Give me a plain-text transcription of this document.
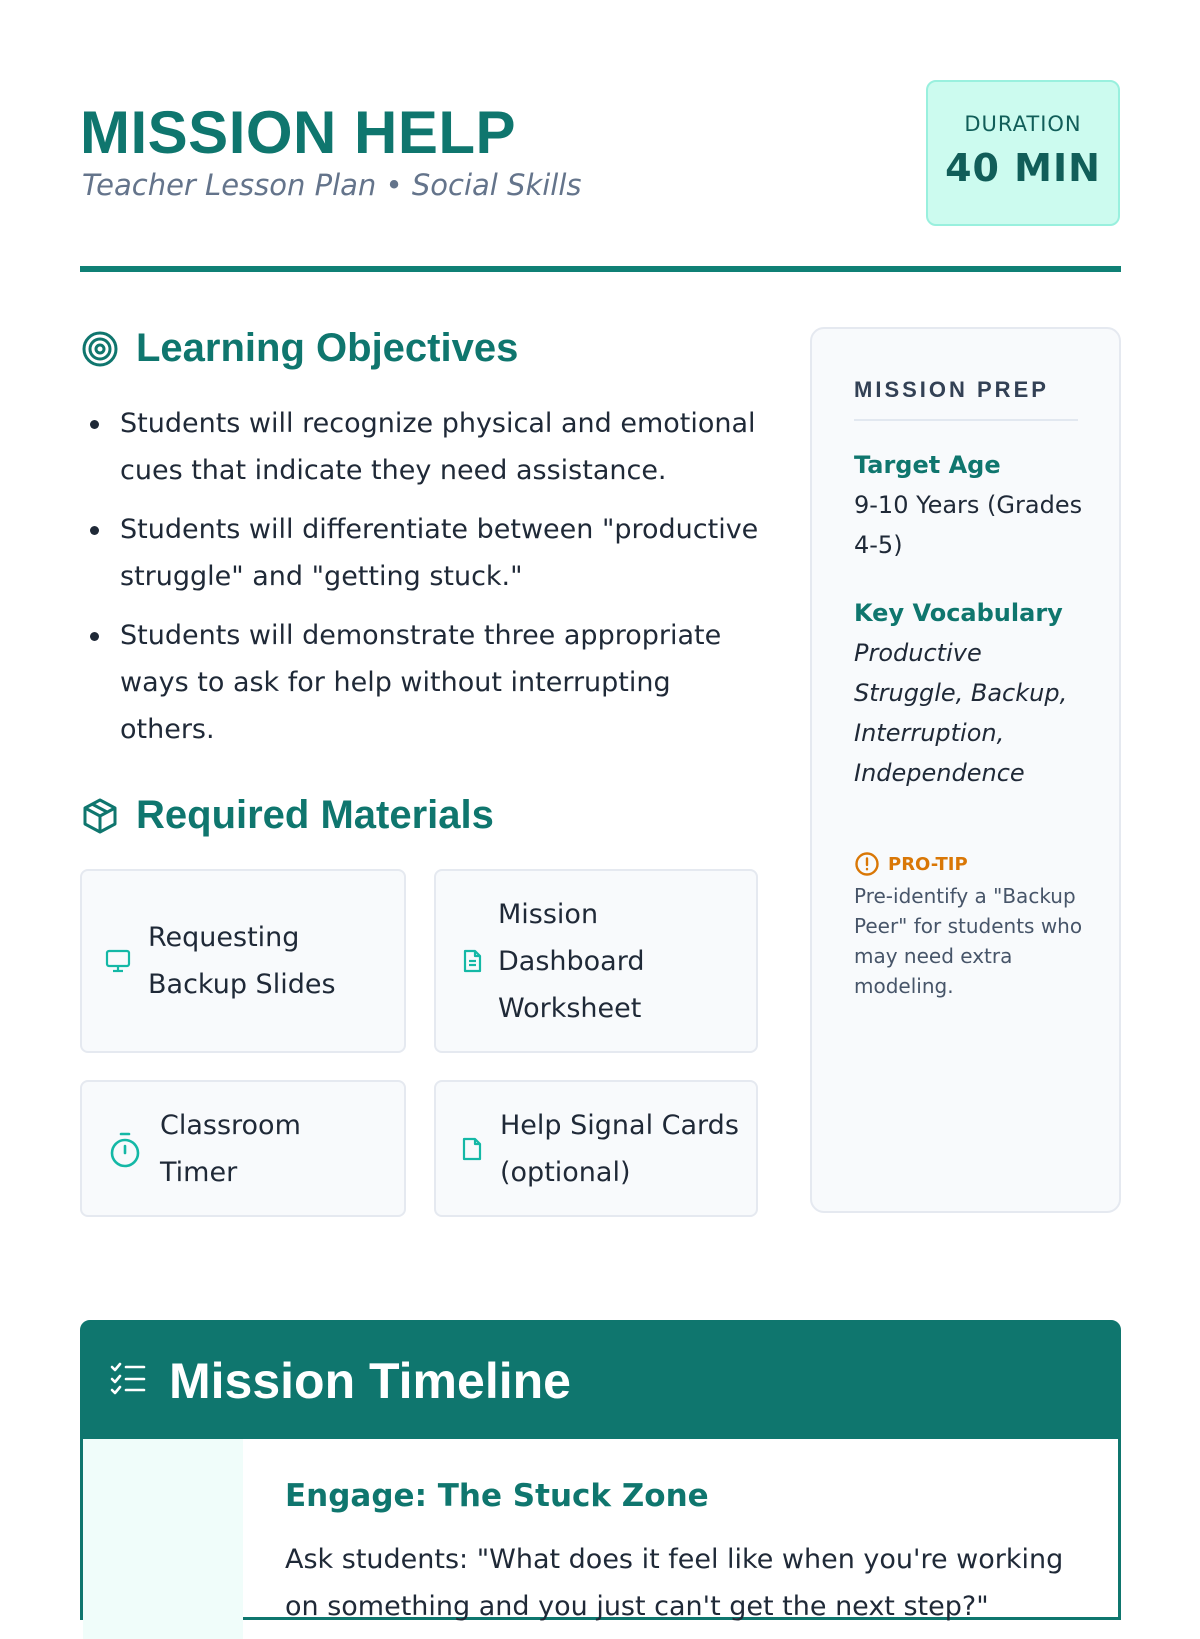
MISSION HELP
Teacher Lesson Plan • Social Skills
DURATION
40 MIN
Learning Objectives
Students will recognize physical and emotional cues that indicate they need assistance.
Students will differentiate between "productive struggle" and "getting stuck."
Students will demonstrate three appropriate ways to ask for help without interrupting others.
Required Materials
Requesting Backup Slides
Mission Dashboard Worksheet
Classroom Timer
Help Signal Cards (optional)
MISSION PREP
Target Age
9-10 Years (Grades 4-5)
Key Vocabulary
Productive Struggle, Backup, Interruption, Independence
PRO-TIP
Pre-identify a "Backup Peer" for students who may need extra modeling.
Mission Timeline
Engage: The Stuck Zone
Ask students: "What does it feel like when you're working on something and you just can't get the next step?"
